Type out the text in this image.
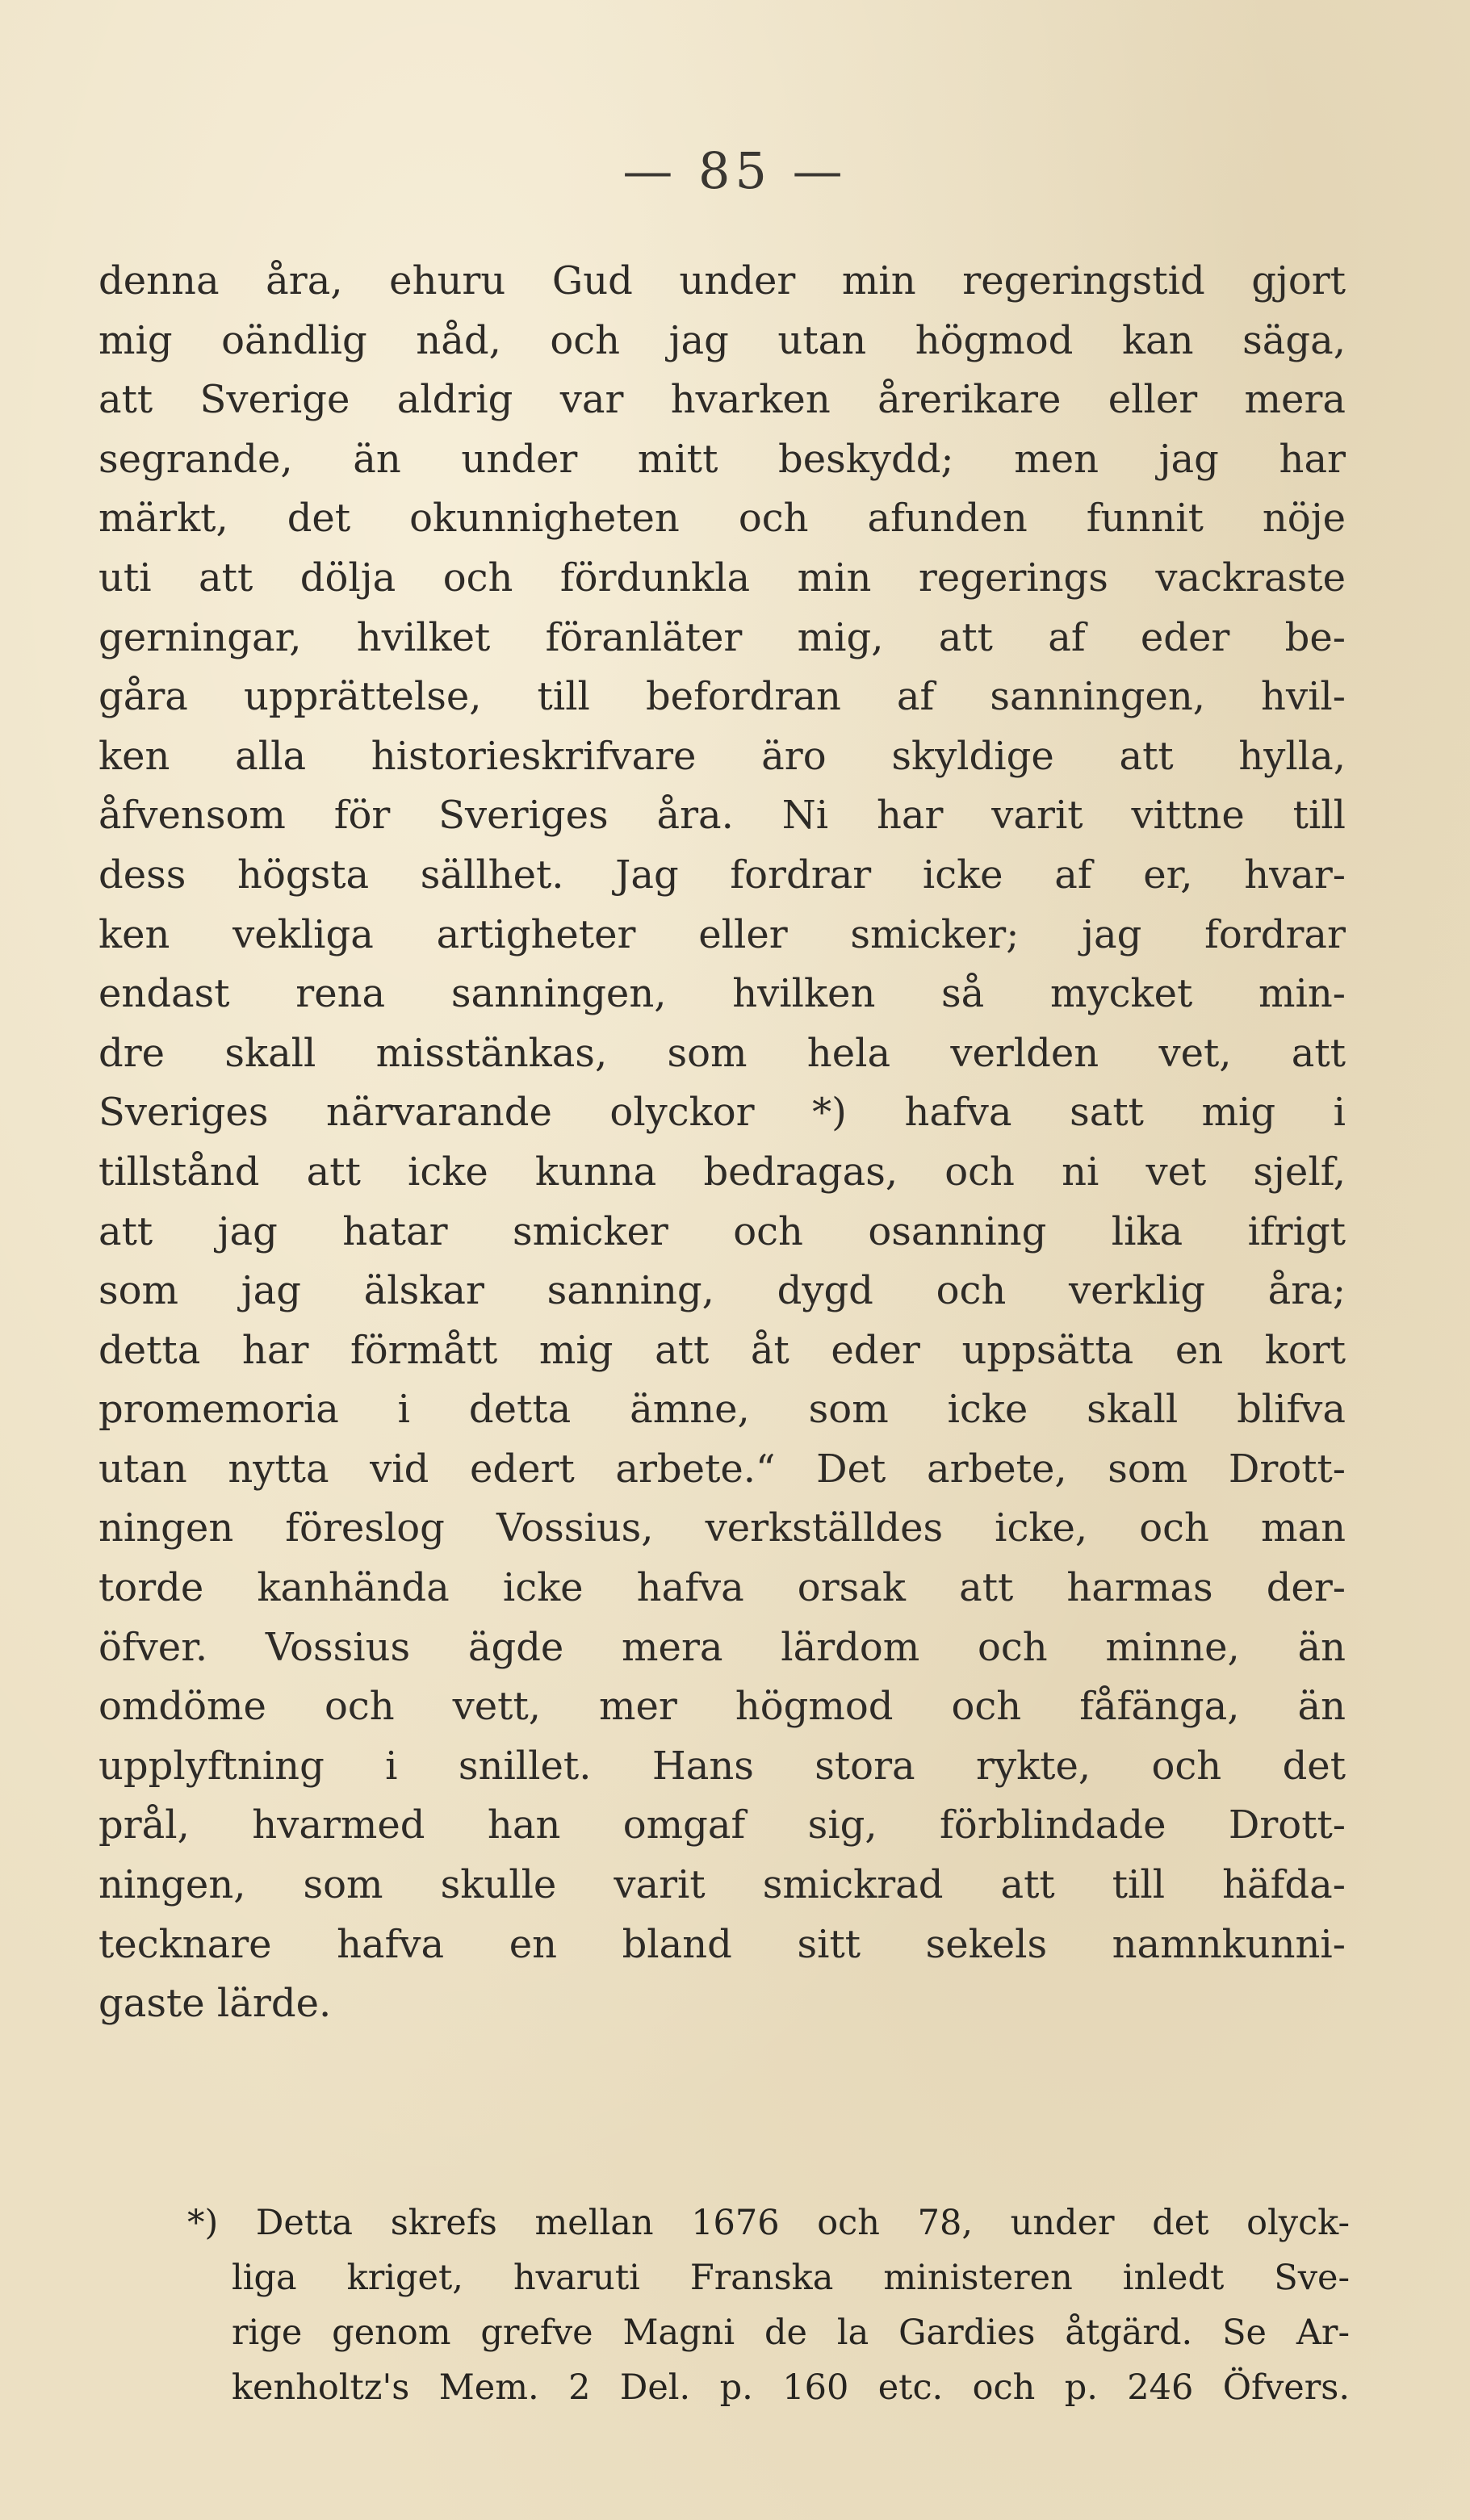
— 85 —
denna åra, ehuru Gud under min regeringstid gjort
mig oändlig nåd, och jag utan högmod kan säga,
att Sverige aldrig var hvarken årerikare eller mera
segrande, än under mitt beskydd; men jag har
märkt, det okunnigheten och afunden funnit nöje
uti att dölja och fördunkla min regerings vackraste
gerningar, hvilket föranläter mig, att af eder be-
gåra upprättelse, till befordran af sanningen, hvil-
ken alla historieskrifvare äro skyldige att hylla,
åfvensom för Sveriges åra. Ni har varit vittne till
dess högsta sällhet. Jag fordrar icke af er, hvar-
ken vekliga artigheter eller smicker; jag fordrar
endast rena sanningen, hvilken så mycket min-
dre skall misstänkas, som hela verlden vet, att
Sveriges närvarande olyckor *) hafva satt mig i
tillstånd att icke kunna bedragas, och ni vet sjelf,
att jag hatar smicker och osanning lika ifrigt
som jag älskar sanning, dygd och verklig åra;
detta har förmått mig att åt eder uppsätta en kort
promemoria i detta ämne, som icke skall blifva
utan nytta vid edert arbete.“ Det arbete, som Drott-
ningen föreslog Vossius, verkställdes icke, och man
torde kanhända icke hafva orsak att harmas der-
öfver. Vossius ägde mera lärdom och minne, än
omdöme och vett, mer högmod och fåfänga, än
upplyftning i snillet. Hans stora rykte, och det
prål, hvarmed han omgaf sig, förblindade Drott-
ningen, som skulle varit smickrad att till häfda-
tecknare hafva en bland sitt sekels namnkunni-
gaste lärde.
*) Detta skrefs mellan 1676 och 78, under det olyck-
liga kriget, hvaruti Franska ministeren inledt Sve-
rige genom grefve Magni de la Gardies åtgärd. Se Ar-
kenholtz's Mem. 2 Del. p. 160 etc. och p. 246 Öfvers.
